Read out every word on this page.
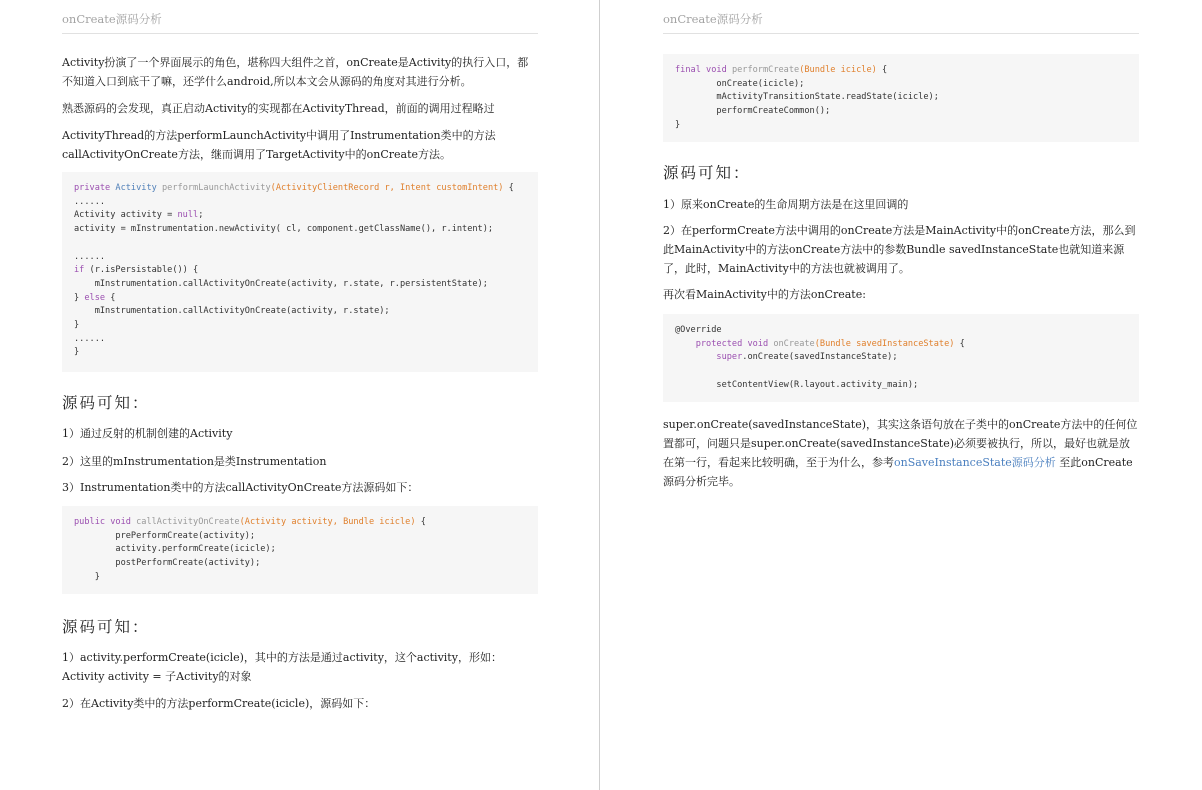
onCreate源码分析

Activity扮演了一个界面展示的角色，堪称四大组件之首，onCreate是Activity的执行入口，都不知道入口到底干了嘛，还学什么android,所以本文会从源码的角度对其进行分析。

熟悉源码的会发现，真正启动Activity的实现都在ActivityThread，前面的调用过程略过

ActivityThread的方法performLaunchActivity中调用了Instrumentation类中的方法callActivityOnCreate方法，继而调用了TargetActivity中的onCreate方法。

private Activity performLaunchActivity(ActivityClientRecord r, Intent customIntent) {
......
Activity activity = null;
activity = mInstrumentation.newActivity( cl, component.getClassName(), r.intent);
......
if (r.isPersistable()) {
mInstrumentation.callActivityOnCreate(activity, r.state, r.persistentState);
} else {
mInstrumentation.callActivityOnCreate(activity, r.state);
}
......
}
源码可知：

1）通过反射的机制创建的Activity

2）这里的mInstrumentation是类Instrumentation

3）Instrumentation类中的方法callActivityOnCreate方法源码如下：

public void callActivityOnCreate(Activity activity, Bundle icicle) {
prePerformCreate(activity);
activity.performCreate(icicle);
postPerformCreate(activity);
}
源码可知：

1）activity.performCreate(icicle)，其中的方法是通过activity，这个activity，形如：Activity activity = 子Activity的对象

2）在Activity类中的方法performCreate(icicle)，源码如下：

onCreate源码分析
final void performCreate(Bundle icicle) {
onCreate(icicle);
mActivityTransitionState.readState(icicle);
performCreateCommon();
}
源码可知：

1）原来onCreate的生命周期方法是在这里回调的

2）在performCreate方法中调用的onCreate方法是MainActivity中的onCreate方法，那么到此MainActivity中的方法onCreate方法中的参数Bundle savedInstanceState也就知道来源了，此时，MainActivity中的方法也就被调用了。

再次看MainActivity中的方法onCreate:

@Override
protected void onCreate(Bundle savedInstanceState) {
super.onCreate(savedInstanceState);
setContentView(R.layout.activity_main);

super.onCreate(savedInstanceState)，其实这条语句放在子类中的onCreate方法中的任何位置都可，问题只是super.onCreate(savedInstanceState)必须要被执行，所以，最好也就是放在第一行，看起来比较明确，至于为什么，参考onSaveInstanceState源码分析 至此onCreate源码分析完毕。
